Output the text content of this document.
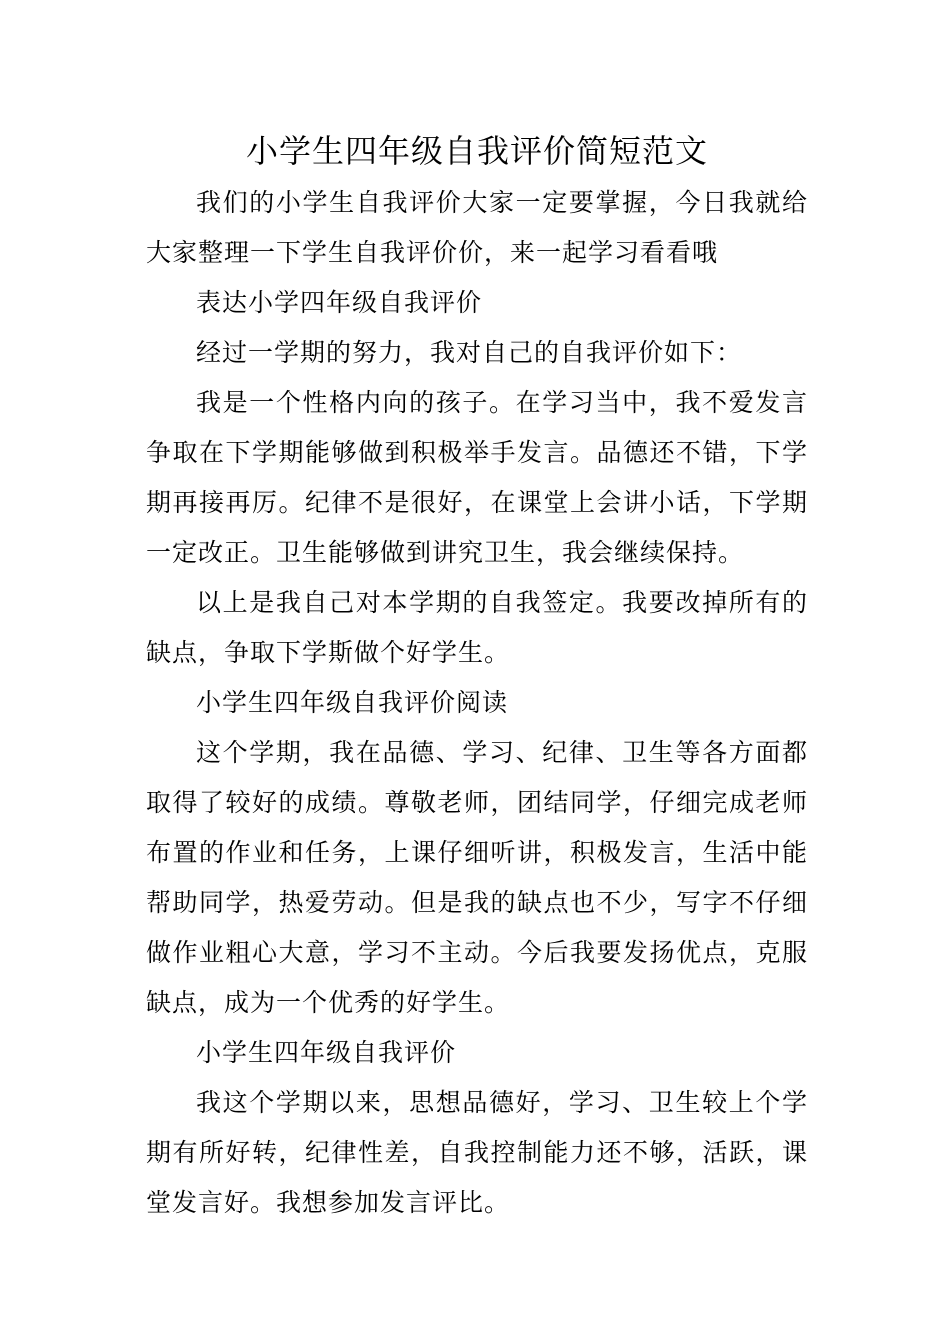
小学生四年级自我评价简短范文

我们的小学生自我评价大家一定要掌握，今日我就给大家整理一下学生自我评价价，来一起学习看看哦

表达小学四年级自我评价

经过一学期的努力，我对自己的自我评价如下：

我是一个性格内向的孩子。在学习当中，我不爱发言争取在下学期能够做到积极举手发言。品德还不错，下学期再接再厉。纪律不是很好，在课堂上会讲小话，下学期一定改正。卫生能够做到讲究卫生，我会继续保持。

以上是我自己对本学期的自我签定。我要改掉所有的缺点，争取下学斯做个好学生。

小学生四年级自我评价阅读

这个学期，我在品德、学习、纪律、卫生等各方面都取得了较好的成绩。尊敬老师，团结同学，仔细完成老师布置的作业和任务，上课仔细听讲，积极发言，生活中能帮助同学，热爱劳动。但是我的缺点也不少，写字不仔细做作业粗心大意，学习不主动。今后我要发扬优点，克服缺点，成为一个优秀的好学生。

小学生四年级自我评价

我这个学期以来，思想品德好，学习、卫生较上个学期有所好转，纪律性差，自我控制能力还不够，活跃，课堂发言好。我想参加发言评比。
